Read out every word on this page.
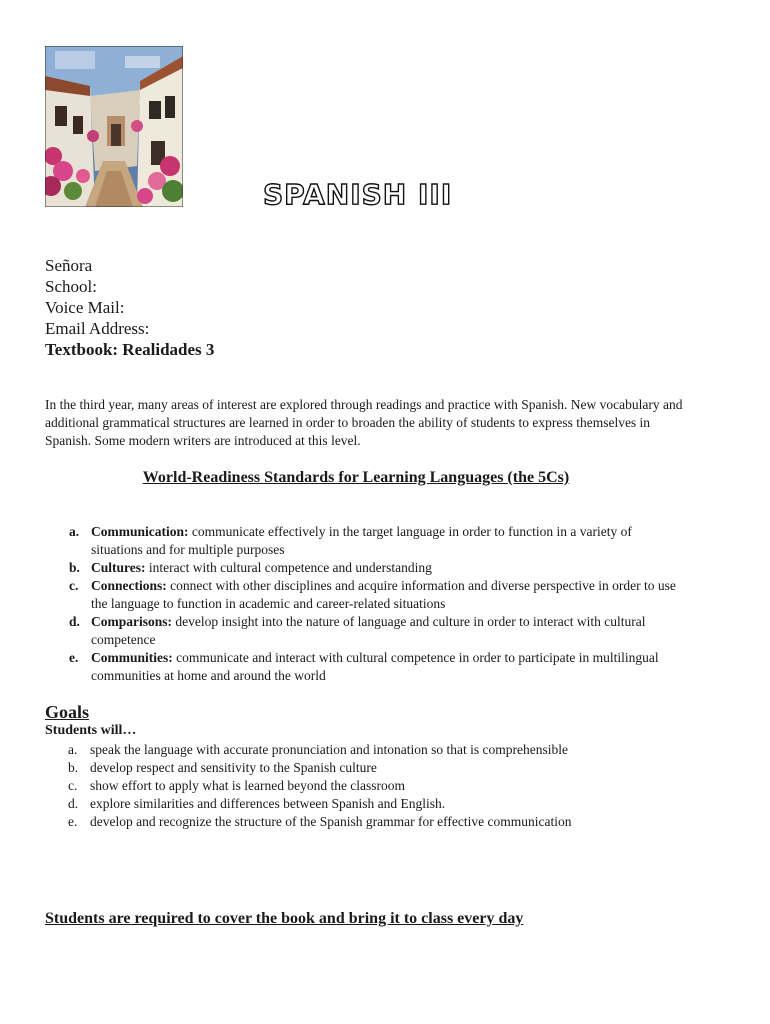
SPANISH III
Señora
School:
Voice Mail:
Email Address:
Textbook: Realidades 3
In the third year, many areas of interest are explored through readings and practice with Spanish. New vocabulary and additional grammatical structures are learned in order to broaden the ability of students to express themselves in Spanish. Some modern writers are introduced at this level.
World-Readiness Standards for Learning Languages (the 5Cs)
a. Communication: communicate effectively in the target language in order to function in a variety of situations and for multiple purposes
b. Cultures: interact with cultural competence and understanding
c. Connections: connect with other disciplines and acquire information and diverse perspective in order to use the language to function in academic and career-related situations
d. Comparisons: develop insight into the nature of language and culture in order to interact with cultural competence
e. Communities: communicate and interact with cultural competence in order to participate in multilingual communities at home and around the world
Goals
Students will…
a. speak the language with accurate pronunciation and intonation so that is comprehensible
b. develop respect and sensitivity to the Spanish culture
c. show effort to apply what is learned beyond the classroom
d. explore similarities and differences between Spanish and English.
e. develop and recognize the structure of the Spanish grammar for effective communication
Students are required to cover the book and bring it to class every day
